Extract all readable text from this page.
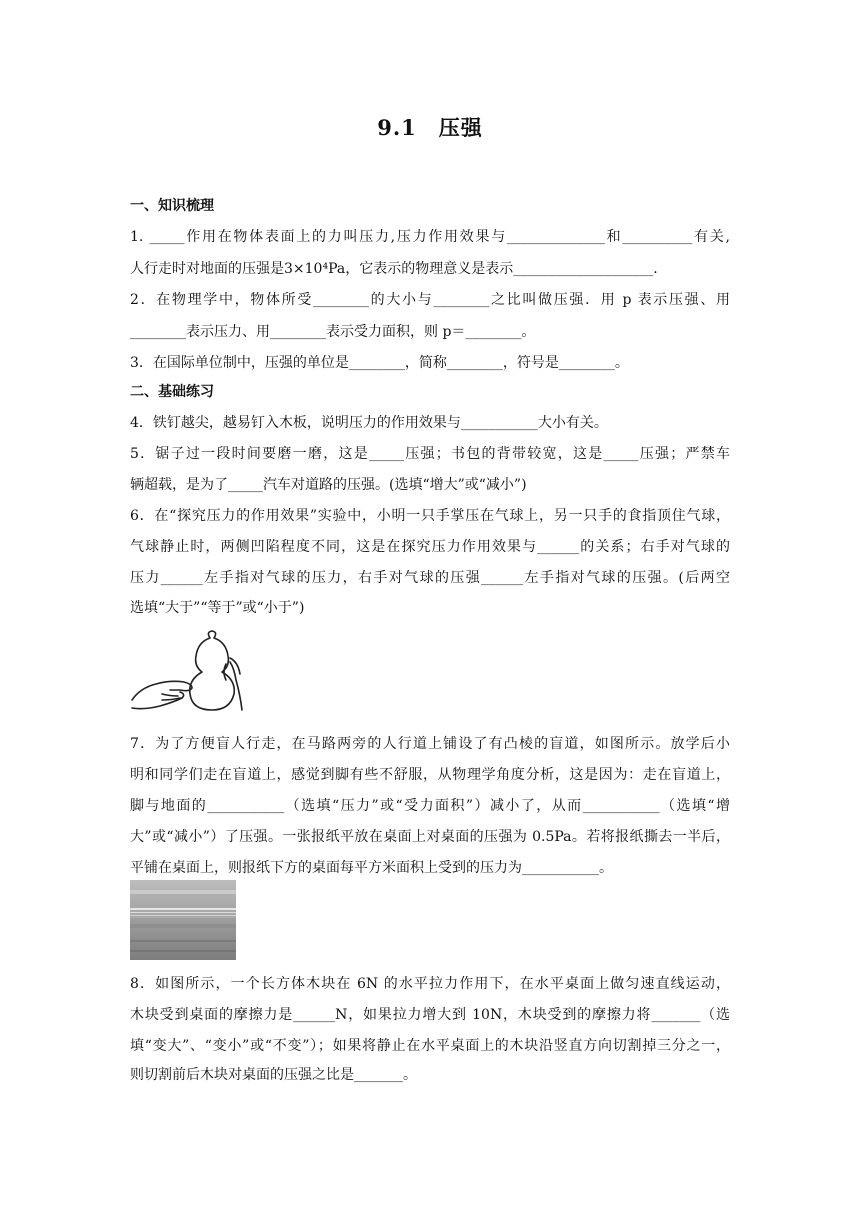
9.1　压强
一、知识梳理
1. _____作用在物体表面上的力叫压力,压力作用效果与______________和__________有关,
人行走时对地面的压强是3×10⁴Pa，它表示的物理意义是表示____________________.
2．在物理学中，物体所受________的大小与________之比叫做压强．用 p 表示压强、用
________表示压力、用________表示受力面积，则 p＝________。
3．在国际单位制中，压强的单位是________，简称________，符号是________。
二、基础练习
4．铁钉越尖，越易钉入木板，说明压力的作用效果与___________大小有关。
5．锯子过一段时间要磨一磨，这是_____压强；书包的背带较宽，这是_____压强；严禁车
辆超载，是为了_____汽车对道路的压强。(选填“增大”或“减小”)
6．在“探究压力的作用效果”实验中，小明一只手掌压在气球上，另一只手的食指顶住气球，
气球静止时，两侧凹陷程度不同，这是在探究压力作用效果与______的关系；右手对气球的
压力______左手指对气球的压力，右手对气球的压强______左手指对气球的压强。(后两空
选填“大于”“等于”或“小于”)
7．为了方便盲人行走，在马路两旁的人行道上铺设了有凸棱的盲道，如图所示。放学后小
明和同学们走在盲道上，感觉到脚有些不舒服，从物理学角度分析，这是因为：走在盲道上，
脚与地面的___________（选填“压力”或“受力面积”）减小了，从而___________（选填“增
大”或“减小”）了压强。一张报纸平放在桌面上对桌面的压强为 0.5Pa。若将报纸撕去一半后，
平铺在桌面上，则报纸下方的桌面每平方米面积上受到的压力为___________。
8．如图所示，一个长方体木块在 6N 的水平拉力作用下，在水平桌面上做匀速直线运动，
木块受到桌面的摩擦力是______N，如果拉力增大到 10N，木块受到的摩擦力将_______（选
填“变大”、“变小”或“不变”）；如果将静止在水平桌面上的木块沿竖直方向切割掉三分之一，
则切割前后木块对桌面的压强之比是_______。
